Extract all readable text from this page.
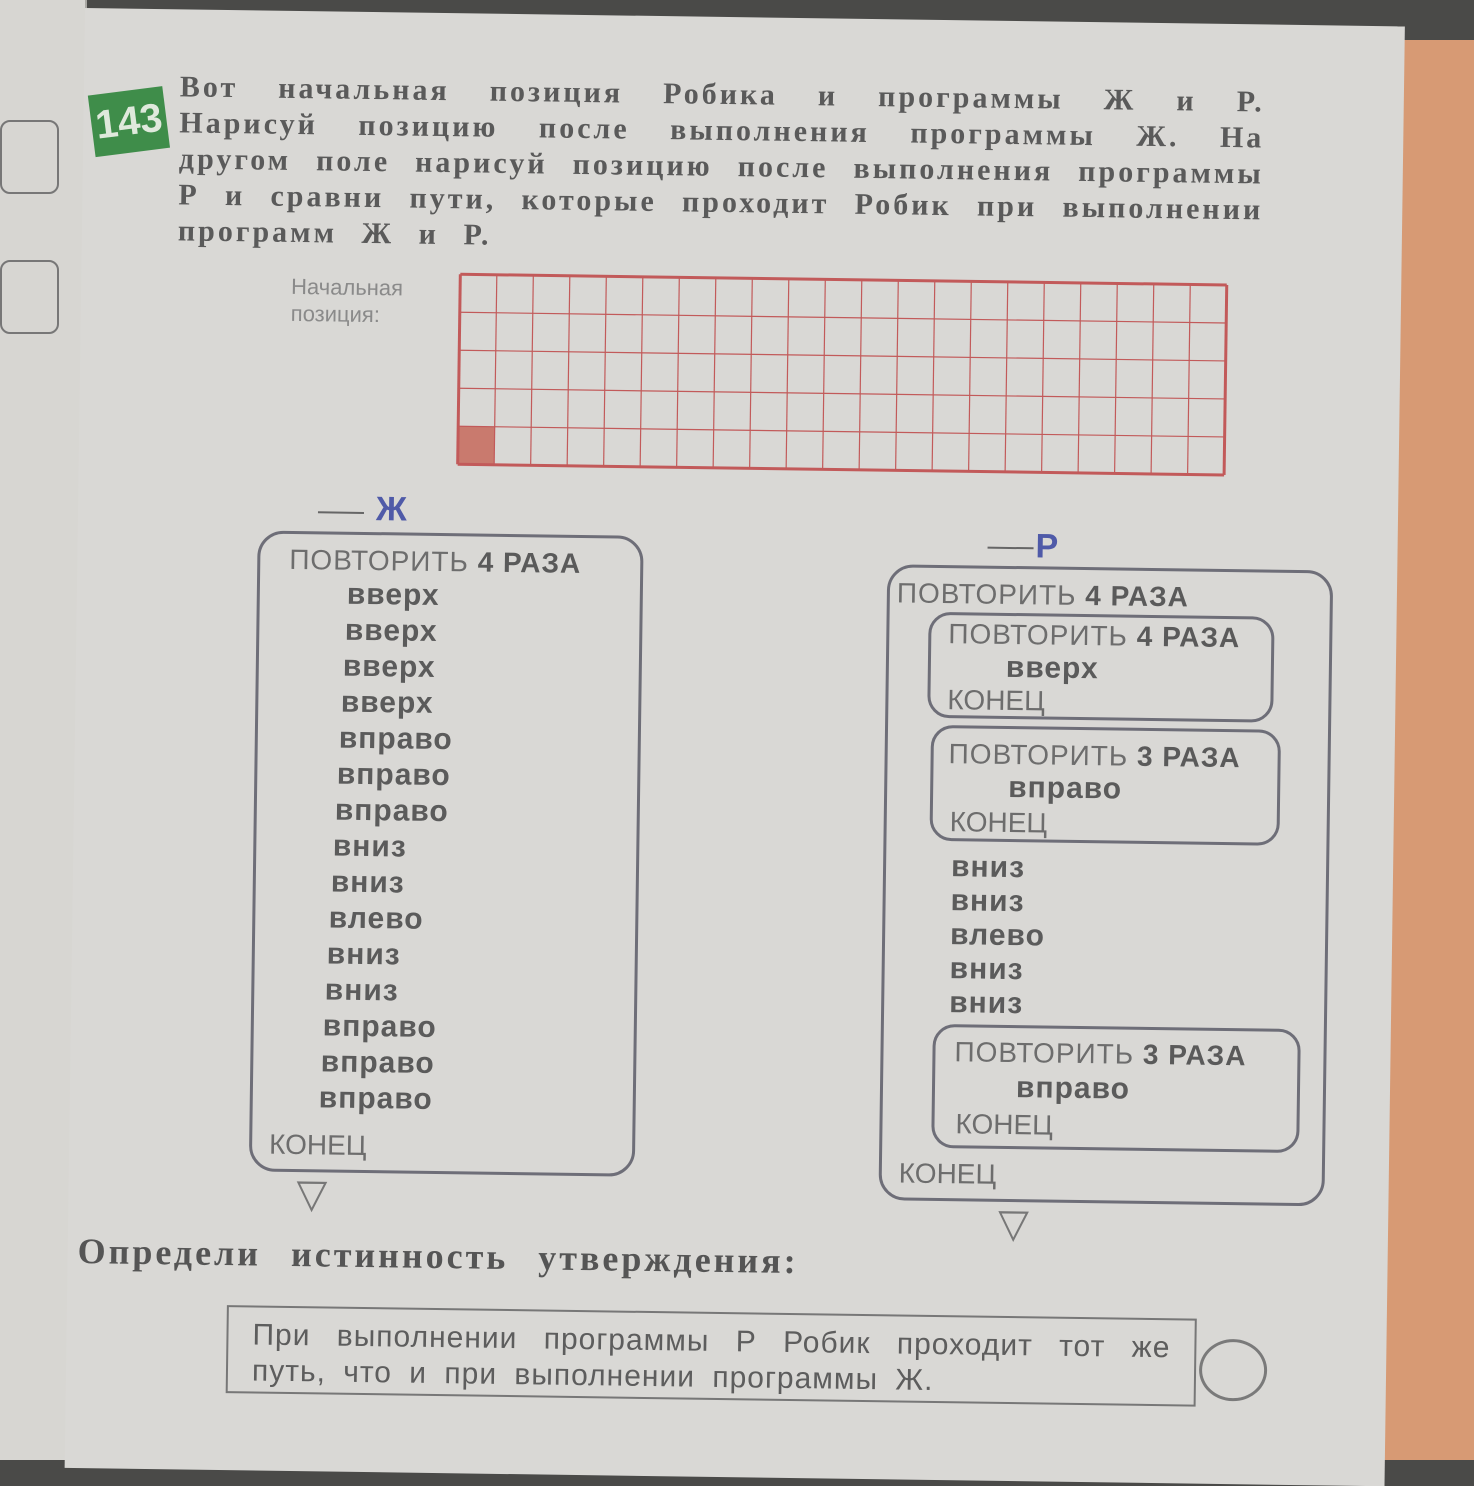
143
Вот начальная позиция Робика и программы Ж и Р. Нарисуй позицию после выполнения программы Ж. На другом поле нарисуй позицию после выполнения программы Р и сравни пути, которые проходит Робик при выполнении программ Ж и Р.
Начальная позиция:
Ж
ПОВТОРИТЬ 4 РАЗА
вверх
вверх
вверх
вверх
вправо
вправо
вправо
вниз
вниз
влево
вниз
вниз
вправо
вправо
вправо
КОНЕЦ
▽
Р
ПОВТОРИТЬ 4 РАЗА
ПОВТОРИТЬ 4 РАЗА
вверх
КОНЕЦ
ПОВТОРИТЬ 3 РАЗА
вправо
КОНЕЦ
вниз
вниз
влево
вниз
вниз
ПОВТОРИТЬ 3 РАЗА
вправо
КОНЕЦ
КОНЕЦ
▽
Определи истинность утверждения:
При выполнении программы Р Робик проходит тот же путь, что и при выполнении программы Ж.
